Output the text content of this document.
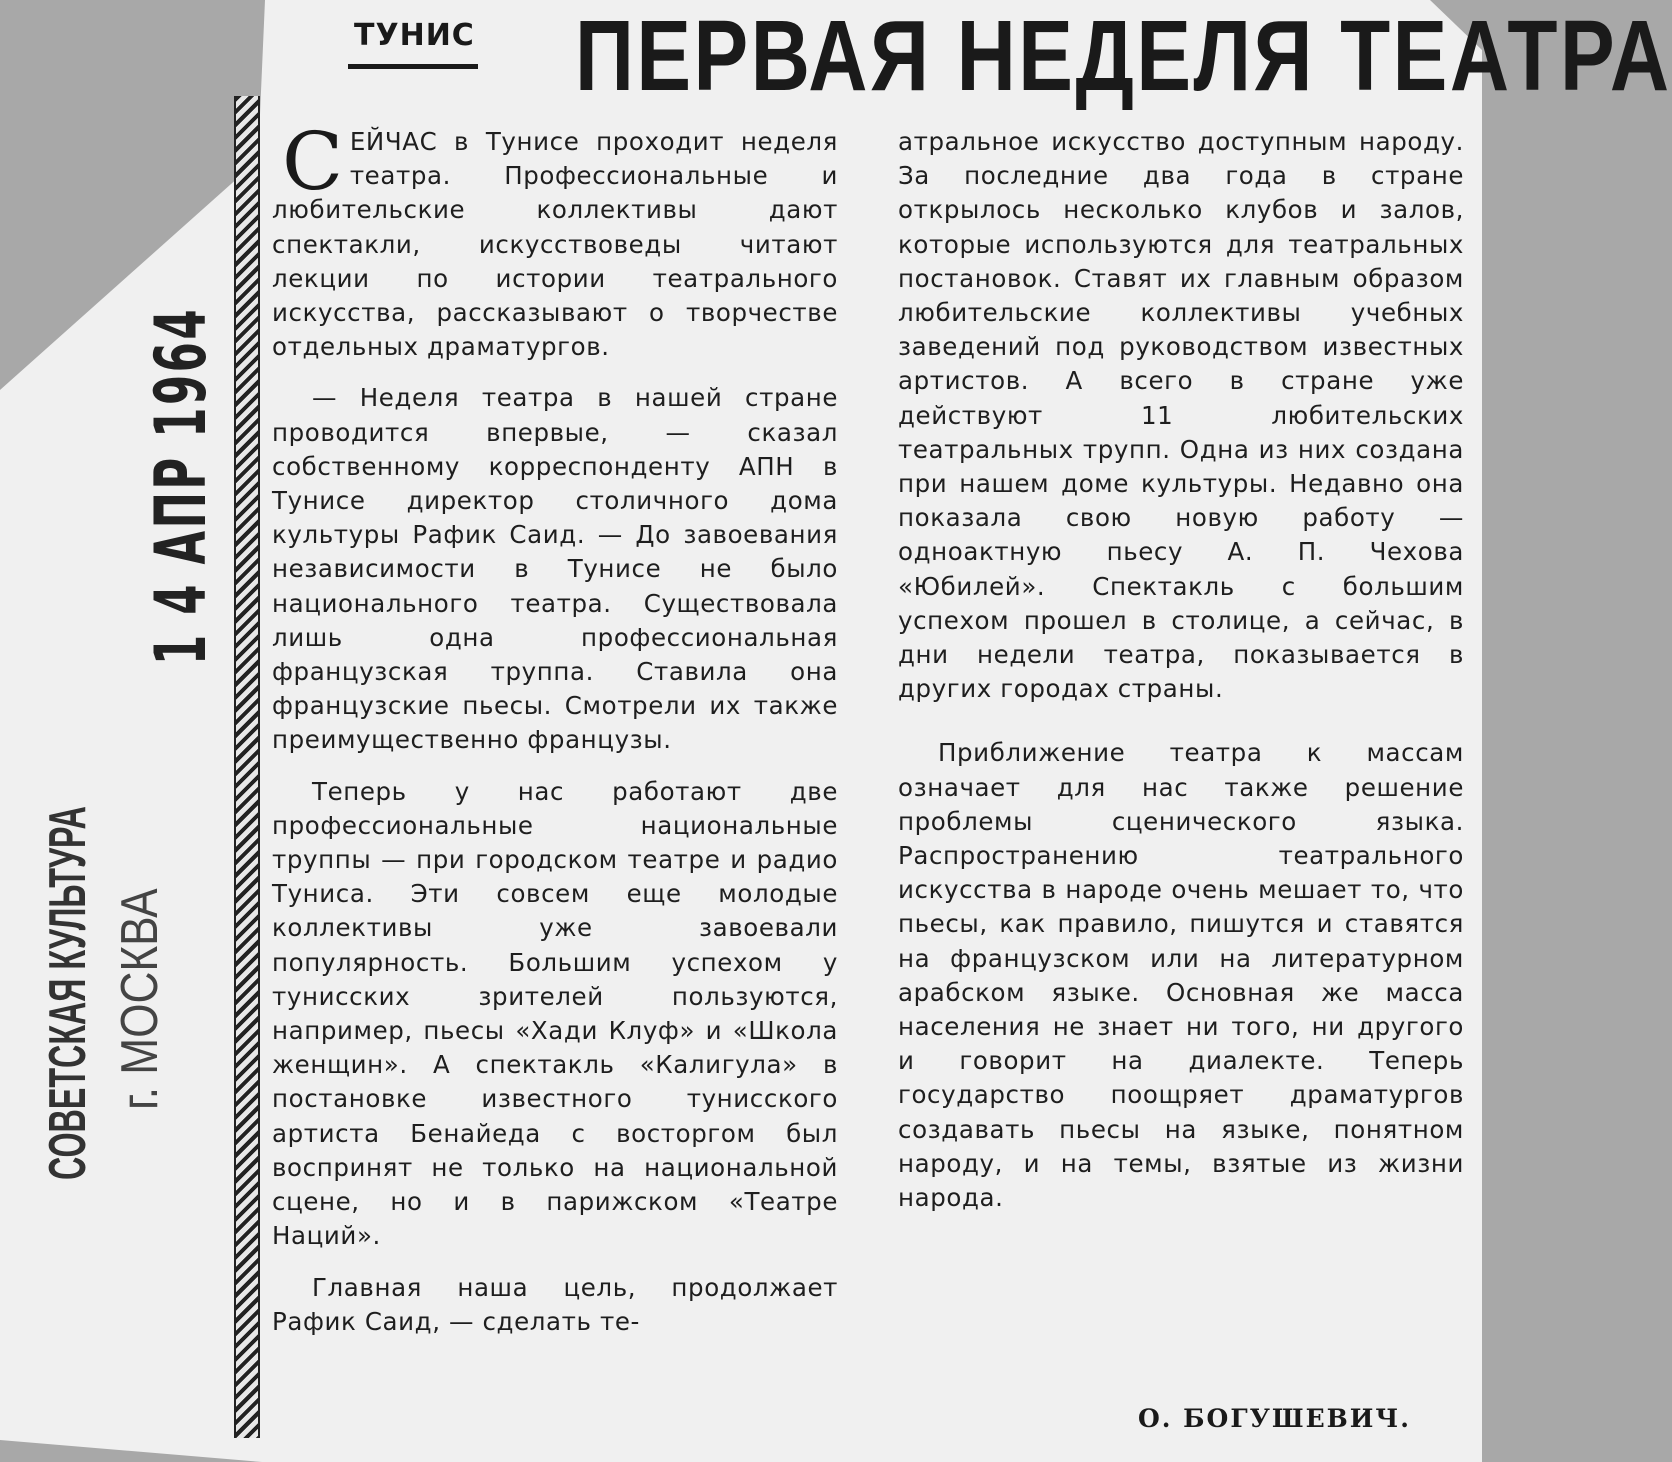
СОВЕТСКАЯ КУЛЬТУРА г. МОСКВА
1 4 АПР 1964
ТУНИС ПЕРВАЯ НЕДЕЛЯ ТЕАТРА

СЕЙЧАС в Тунисе проходит неделя театра. Профессиональные и любительские коллективы дают спектакли, искусствоведы читают лекции по истории театрального искусства, рассказывают о творчестве отдельных драматургов.

— Неделя театра в нашей стране проводится впервые, — сказал собственному корреспонденту АПН в Тунисе директор столичного дома культуры Рафик Саид. — До завоевания независимости в Тунисе не было национального театра. Существовала лишь одна профессиональная французская труппа. Ставила она французские пьесы. Смотрели их также преимущественно французы.

Теперь у нас работают две профессиональные национальные труппы — при городском театре и радио Туниса. Эти совсем еще молодые коллективы уже завоевали популярность. Большим успехом у тунисских зрителей пользуются, например, пьесы «Хади Клуф» и «Школа женщин». А спектакль «Калигула» в постановке известного тунисского артиста Бенайеда с восторгом был воспринят не только на национальной сцене, но и в парижском «Театре Наций».

Главная наша цель, продолжает Рафик Саид, — сделать те-

атральное искусство доступным народу. За последние два года в стране открылось несколько клубов и залов, которые используются для театральных постановок. Ставят их главным образом любительские коллективы учебных заведений под руководством известных артистов. А всего в стране уже действуют 11 любительских театральных трупп. Одна из них создана при нашем доме культуры. Недавно она показала свою новую работу — одноактную пьесу А. П. Чехова «Юбилей». Спектакль с большим успехом прошел в столице, а сейчас, в дни недели театра, показывается в других городах страны.

Приближение театра к массам означает для нас также решение проблемы сценического языка. Распространению театрального искусства в народе очень мешает то, что пьесы, как правило, пишутся и ставятся на французском или на литературном арабском языке. Основная же масса населения не знает ни того, ни другого и говорит на диалекте. Теперь государство поощряет драматургов создавать пьесы на языке, понятном народу, и на темы, взятые из жизни народа.

О. БОГУШЕВИЧ.
